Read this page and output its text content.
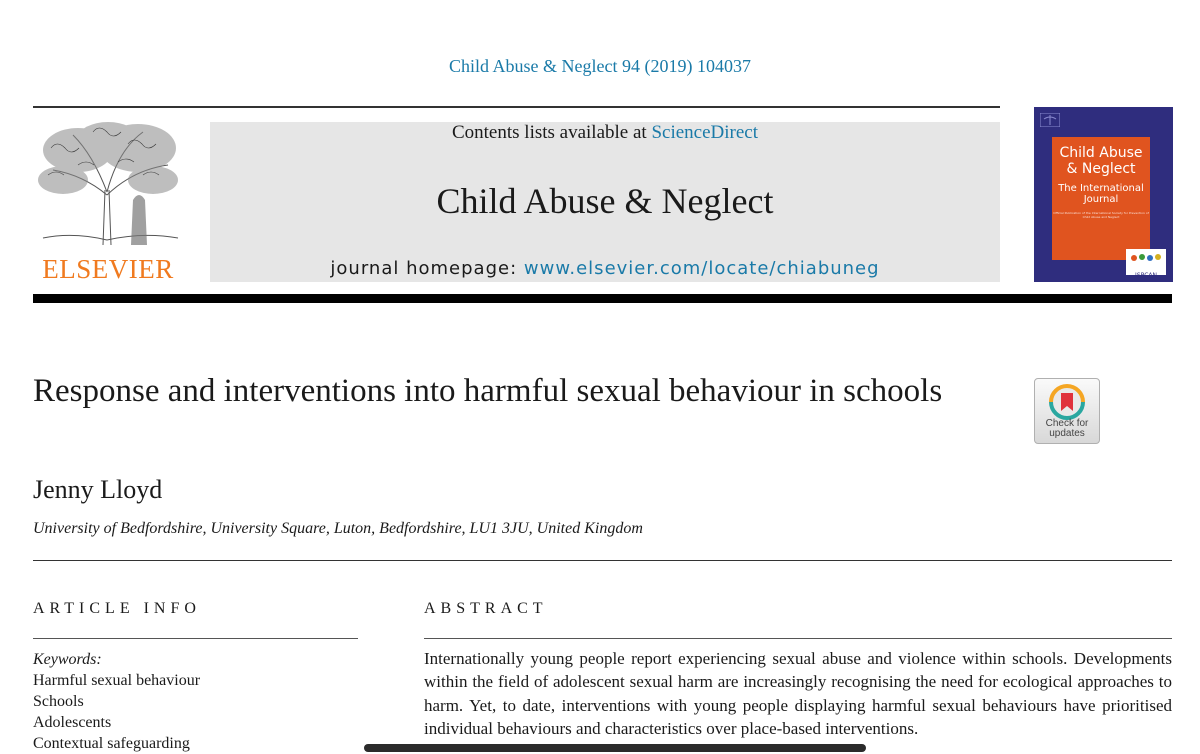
Child Abuse & Neglect 94 (2019) 104037
ELSEVIER
Contents lists available at ScienceDirect
Child Abuse & Neglect
journal homepage: www.elsevier.com/locate/chiabuneg
Child Abuse & Neglect
The International Journal
Official Publication of the International Society for Prevention of Child Abuse and Neglect
ISPCAN
Response and interventions into harmful sexual behaviour in schools
Check for updates
Jenny Lloyd
University of Bedfordshire, University Square, Luton, Bedfordshire, LU1 3JU, United Kingdom
ARTICLE INFO	ABSTRACT
Keywords:
Harmful sexual behaviour
Schools
Adolescents
Contextual safeguarding
Internationally young people report experiencing sexual abuse and violence within schools. Developments within the field of adolescent sexual harm are increasingly recognising the need for ecological approaches to harm. Yet, to date, interventions with young people displaying harmful sexual behaviours have prioritised individual behaviours and characteristics over place-based interventions.
